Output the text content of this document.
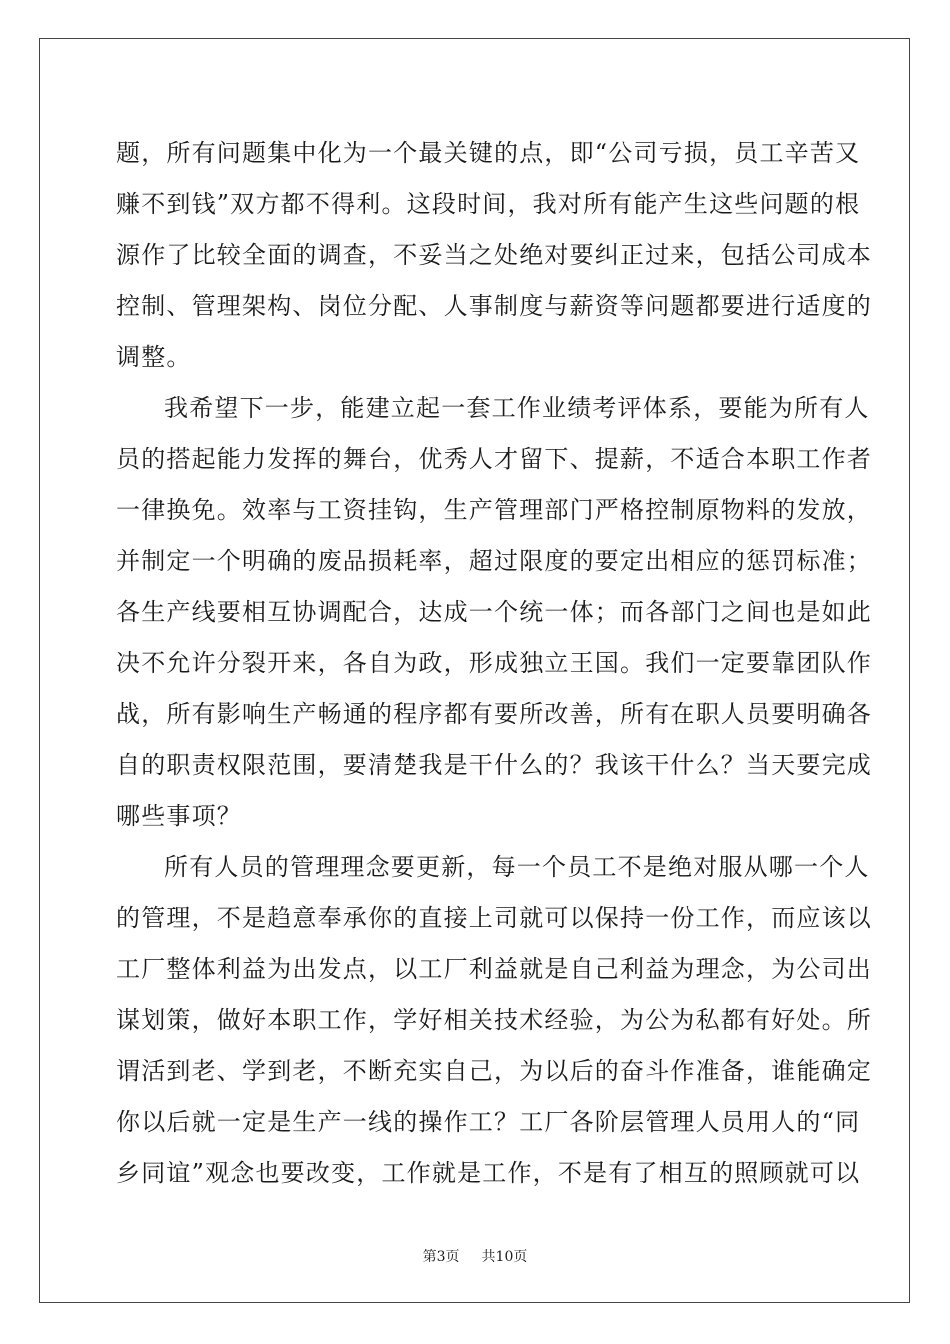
题，所有问题集中化为一个最关键的点，即“公司亏损，员工辛苦又
赚不到钱”双方都不得利。这段时间，我对所有能产生这些问题的根
源作了比较全面的调查，不妥当之处绝对要纠正过来，包括公司成本
控制、管理架构、岗位分配、人事制度与薪资等问题都要进行适度的
调整。
我希望下一步，能建立起一套工作业绩考评体系，要能为所有人
员的搭起能力发挥的舞台，优秀人才留下、提薪，不适合本职工作者
一律换免。效率与工资挂钩，生产管理部门严格控制原物料的发放，
并制定一个明确的废品损耗率，超过限度的要定出相应的惩罚标准；
各生产线要相互协调配合，达成一个统一体；而各部门之间也是如此
决不允许分裂开来，各自为政，形成独立王国。我们一定要靠团队作
战，所有影响生产畅通的程序都有要所改善，所有在职人员要明确各
自的职责权限范围，要清楚我是干什么的？我该干什么？当天要完成
哪些事项？
所有人员的管理理念要更新，每一个员工不是绝对服从哪一个人
的管理，不是趋意奉承你的直接上司就可以保持一份工作，而应该以
工厂整体利益为出发点，以工厂利益就是自己利益为理念，为公司出
谋划策，做好本职工作，学好相关技术经验，为公为私都有好处。所
谓活到老、学到老，不断充实自己，为以后的奋斗作准备，谁能确定
你以后就一定是生产一线的操作工？工厂各阶层管理人员用人的“同
乡同谊”观念也要改变，工作就是工作，不是有了相互的照顾就可以
第3页 共10页
